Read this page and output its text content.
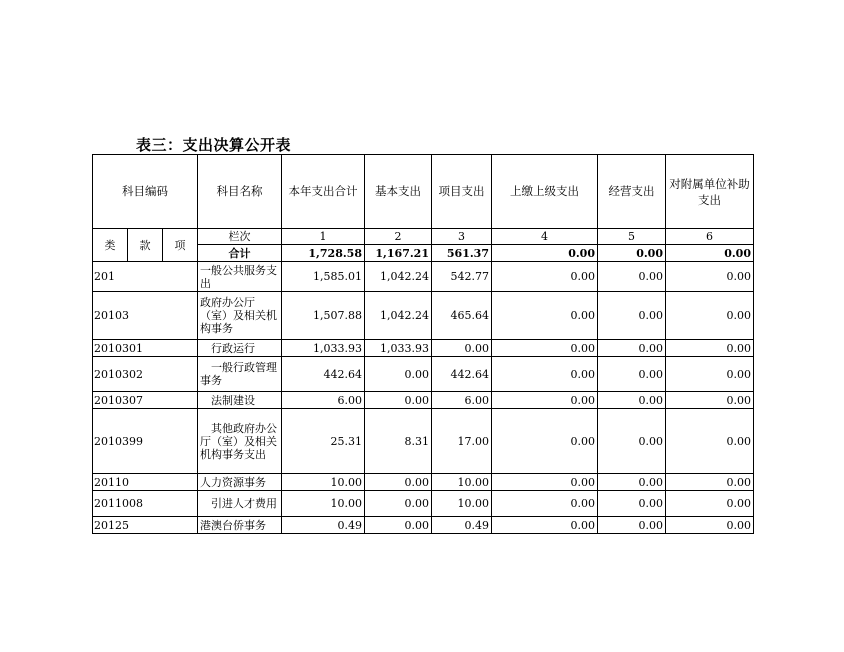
表三：支出决算公开表
科目编码			科目名称	本年支出合计	基本支出	项目支出	上缴上级支出	经营支出	对附属单位补助支出
类	款	项	栏次	1	2	3	4	5	6
			合计	1,728.58	1,167.21	561.37	0.00	0.00	0.00
201			一般公共服务支出	1,585.01	1,042.24	542.77	0.00	0.00	0.00
20103			政府办公厅（室）及相关机构事务	1,507.88	1,042.24	465.64	0.00	0.00	0.00
2010301			行政运行	1,033.93	1,033.93	0.00	0.00	0.00	0.00
2010302			一般行政管理事务	442.64	0.00	442.64	0.00	0.00	0.00
2010307			法制建设	6.00	0.00	6.00	0.00	0.00	0.00
2010399			其他政府办公厅（室）及相关机构事务支出	25.31	8.31	17.00	0.00	0.00	0.00
20110			人力资源事务	10.00	0.00	10.00	0.00	0.00	0.00
2011008			引进人才费用	10.00	0.00	10.00	0.00	0.00	0.00
20125			港澳台侨事务	0.49	0.00	0.49	0.00	0.00	0.00
